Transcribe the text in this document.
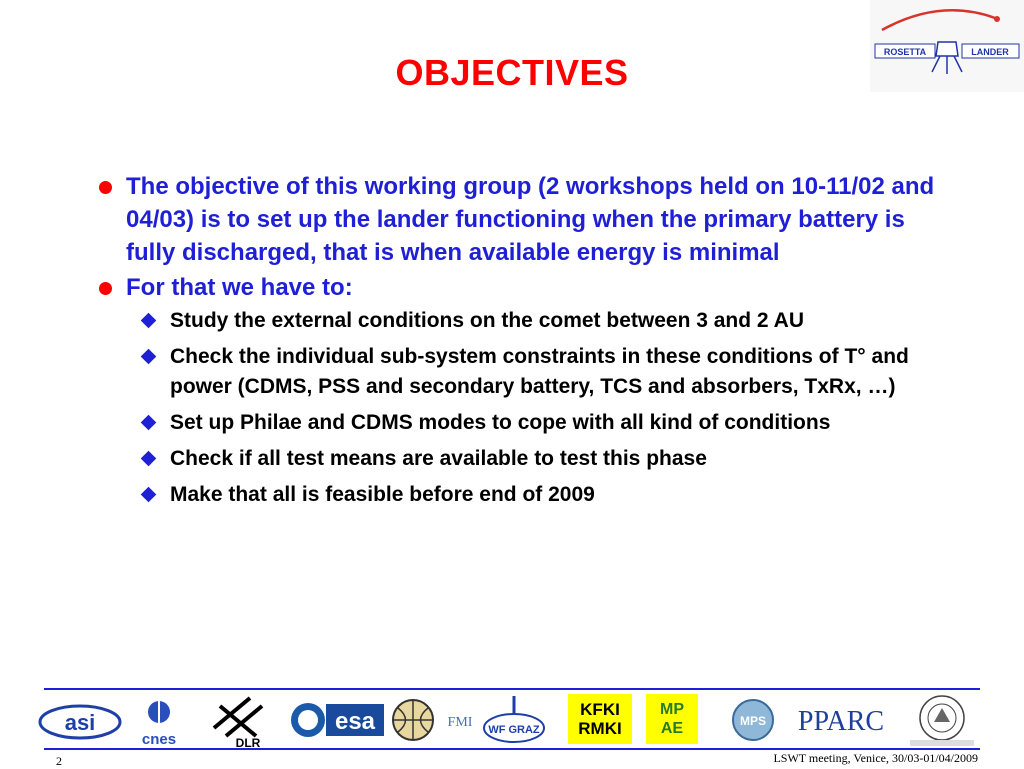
ROSETTA	LANDER
OBJECTIVES
The objective of this working group (2 workshops held on 10-11/02 and 04/03) is to set up the lander functioning when the primary battery is fully discharged, that is when available energy is minimal
For that we have to:
Study the external conditions on the comet between 3 and 2 AU
Check the individual sub-system constraints in these conditions of T° and power (CDMS, PSS and secondary battery, TCS and absorbers, TxRx, …)
Set up Philae and CDMS modes to cope with all kind of conditions
Check if all test means are available to test this phase
Make that all is feasible before end of 2009
asi
cnes	DLR
esa	FMI WF GRAZ
KFKI RMKI
MP AE	MPS PPARC
2	LSWT meeting, Venice, 30/03-01/04/2009
